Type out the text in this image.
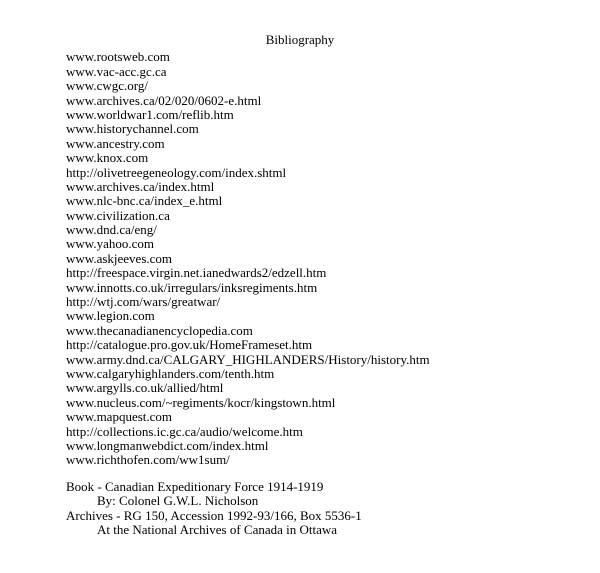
Bibliography
www.rootsweb.com
www.vac-acc.gc.ca
www.cwgc.org/
www.archives.ca/02/020/0602-e.html
www.worldwar1.com/reflib.htm
www.historychannel.com
www.ancestry.com
www.knox.com
http://olivetreegeneology.com/index.shtml
www.archives.ca/index.html
www.nlc-bnc.ca/index_e.html
www.civilization.ca
www.dnd.ca/eng/
www.yahoo.com
www.askjeeves.com
http://freespace.virgin.net.ianedwards2/edzell.htm
www.innotts.co.uk/irregulars/inksregiments.htm
http://wtj.com/wars/greatwar/
www.legion.com
www.thecanadianencyclopedia.com
http://catalogue.pro.gov.uk/HomeFrameset.htm
www.army.dnd.ca/CALGARY_HIGHLANDERS/History/history.htm
www.calgaryhighlanders.com/tenth.htm
www.argylls.co.uk/allied/html
www.nucleus.com/~regiments/kocr/kingstown.html
www.mapquest.com
http://collections.ic.gc.ca/audio/welcome.htm
www.longmanwebdict.com/index.html
www.richthofen.com/ww1sum/
Book - Canadian Expeditionary Force 1914-1919
By: Colonel G.W.L. Nicholson
Archives - RG 150, Accession 1992-93/166, Box 5536-1
At the National Archives of Canada in Ottawa
